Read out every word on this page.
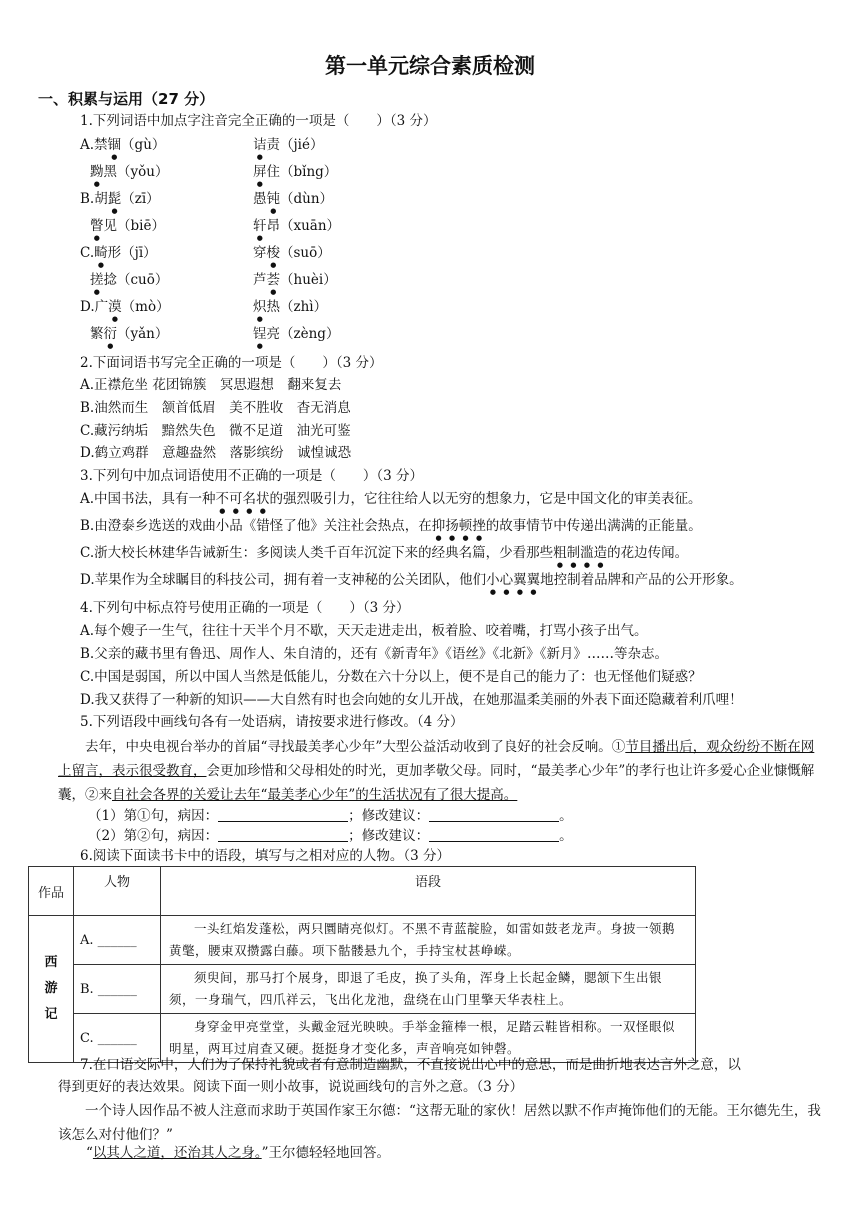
第一单元综合素质检测
一、积累与运用（27 分）
1.下列词语中加点字注音完全正确的一项是（　　）（3 分）
A.禁锢（gù）	诘责（jié）
黝黑（yǒu）	屏住（bǐng）
B.胡髭（zī）	愚钝（dùn）
瞥见（biē）	轩昂（xuān）
C.畸形（jī）	穿梭（suō）
搓捻（cuō）	芦荟（huèi）
D.广漠（mò）	炽热（zhì）
繁衍（yǎn）	锃亮（zèng）
2.下面词语书写完全正确的一项是（　　）（3 分）
A.正襟危坐 花团锦簇　冥思遐想　翻来复去
B.油然而生　颔首低眉　美不胜收　杳无消息
C.藏污纳垢　黯然失色　微不足道　油光可鉴
D.鹤立鸡群　意趣盎然　落影缤纷　诚惶诚恐
3.下列句中加点词语使用不正确的一项是（　　）（3 分）
A.中国书法，具有一种不可名状的强烈吸引力，它往往给人以无穷的想象力，它是中国文化的审美表征。
B.由澄泰乡选送的戏曲小品《错怪了他》关注社会热点，在抑扬顿挫的故事情节中传递出满满的正能量。
C.浙大校长林建华告诫新生：多阅读人类千百年沉淀下来的经典名篇，少看那些粗制滥造的花边传闻。
D.苹果作为全球瞩目的科技公司，拥有着一支神秘的公关团队，他们小心翼翼地控制着品牌和产品的公开形象。
4.下列句中标点符号使用正确的一项是（　　）（3 分）
A.每个嫂子一生气，往往十天半个月不歇，天天走进走出，板着脸、咬着嘴，打骂小孩子出气。
B.父亲的藏书里有鲁迅、周作人、朱自清的，还有《新青年》《语丝》《北新》《新月》……等杂志。
C.中国是弱国，所以中国人当然是低能儿，分数在六十分以上，便不是自己的能力了：也无怪他们疑惑？
D.我又获得了一种新的知识——大自然有时也会向她的女儿开战，在她那温柔美丽的外表下面还隐藏着利爪哩！
5.下列语段中画线句各有一处语病，请按要求进行修改。（4 分）
去年，中央电视台举办的首届“寻找最美孝心少年”大型公益活动收到了良好的社会反响。①节目播出后，观众纷纷不断在网上留言，表示很受教育，会更加珍惜和父母相处的时光，更加孝敬父母。同时，“最美孝心少年”的孝行也让许多爱心企业慷慨解囊，②来自社会各界的关爱让去年“最美孝心少年”的生活状况有了很大提高。
（1）第①句，病因：	；修改建议：	。
（2）第②句，病因：	；修改建议：	。
6.阅读下面读书卡中的语段，填写与之相对应的人物。（3 分）
作品	人物	语段
西游记	A. ______	一头红焰发蓬松，两只圜睛亮似灯。不黑不青蓝靛脸，如雷如鼓老龙声。身披一领鹅黄氅，腰束双攒露白藤。项下骷髅悬九个，手持宝杖甚峥嵘。
	B. ______	须臾间，那马打个展身，即退了毛皮，换了头角，浑身上长起金鳞，腮颔下生出银须，一身瑞气，四爪祥云，飞出化龙池，盘绕在山门里擎天华表柱上。
	C. ______	身穿金甲亮堂堂，头戴金冠光映映。手举金箍棒一根，足踏云鞋皆相称。一双怪眼似明星，两耳过肩查又硬。挺挺身才变化多，声音响亮如钟磬。
7.在口语交际中，人们为了保持礼貌或者有意制造幽默，不直接说出心中的意思，而是曲折地表达言外之意，以
得到更好的表达效果。阅读下面一则小故事，说说画线句的言外之意。（3 分）
一个诗人因作品不被人注意而求助于英国作家王尔德：“这帮无耻的家伙！居然以默不作声掩饰他们的无能。王尔德先生，我该怎么对付他们？”
“以其人之道，还治其人之身。”王尔德轻轻地回答。
